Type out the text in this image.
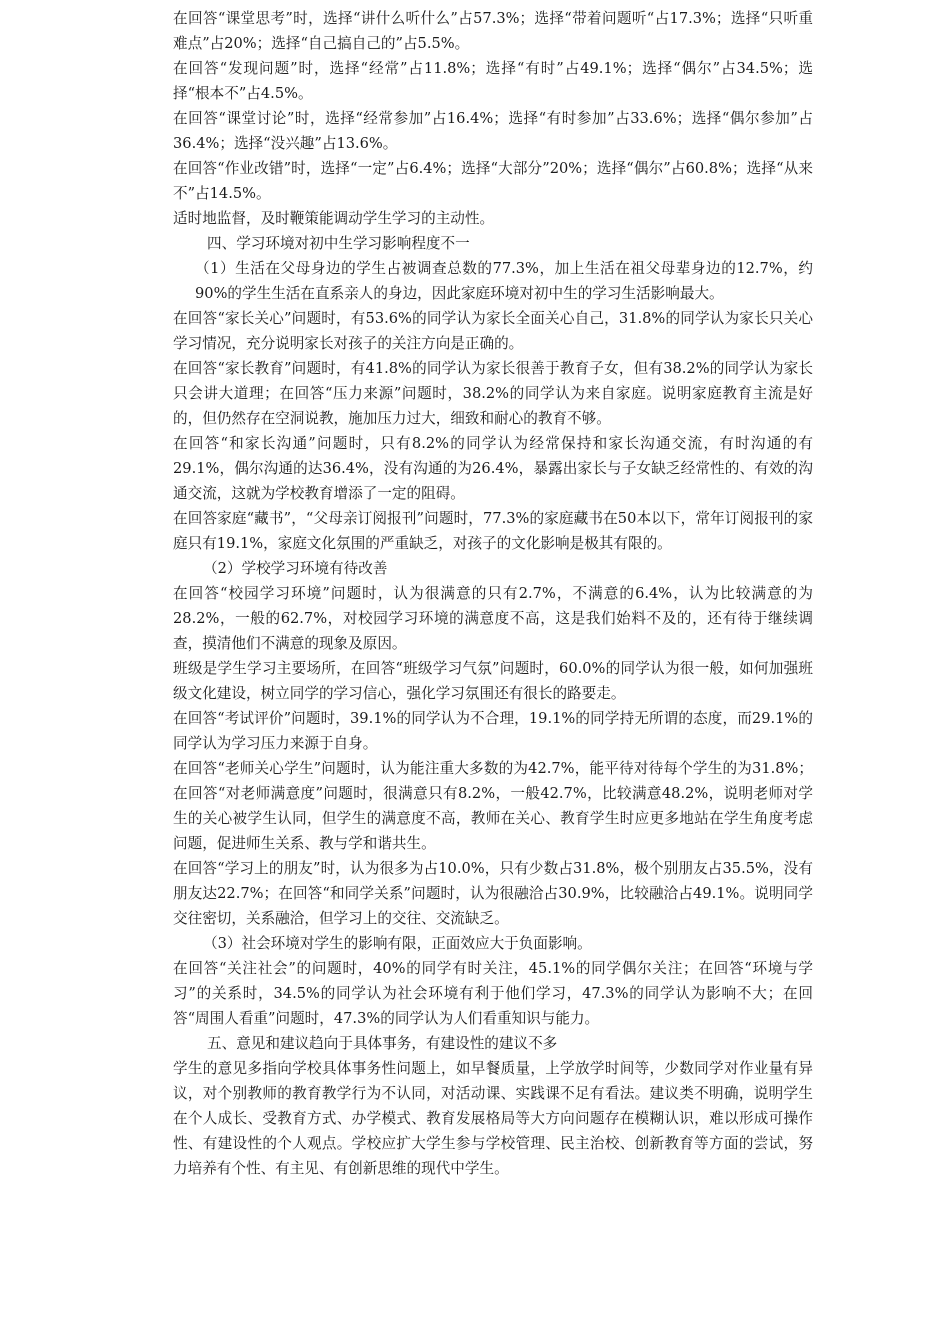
在回答“课堂思考”时，选择“讲什么听什么”占57.3%；选择“带着问题听“占17.3%；选择“只听重难点”占20%；选择“自己搞自己的”占5.5%。

在回答“发现问题”时，选择“经常”占11.8%；选择“有时”占49.1%；选择“偶尔”占34.5%；选择“根本不”占4.5%。

在回答“课堂讨论”时，选择“经常参加”占16.4%；选择“有时参加”占33.6%；选择“偶尔参加”占36.4%；选择“没兴趣”占13.6%。

在回答“作业改错”时，选择“一定”占6.4%；选择“大部分”20%；选择“偶尔”占60.8%；选择“从来不”占14.5%。

适时地监督，及时鞭策能调动学生学习的主动性。

四、学习环境对初中生学习影响程度不一

（1）生活在父母身边的学生占被调查总数的77.3%，加上生活在祖父母辈身边的12.7%，约90%的学生生活在直系亲人的身边，因此家庭环境对初中生的学习生活影响最大。

在回答“家长关心”问题时，有53.6%的同学认为家长全面关心自己，31.8%的同学认为家长只关心学习情况，充分说明家长对孩子的关注方向是正确的。

在回答“家长教育”问题时，有41.8%的同学认为家长很善于教育子女，但有38.2%的同学认为家长只会讲大道理；在回答“压力来源”问题时，38.2%的同学认为来自家庭。说明家庭教育主流是好的，但仍然存在空洞说教，施加压力过大，细致和耐心的教育不够。

在回答“和家长沟通”问题时，只有8.2%的同学认为经常保持和家长沟通交流，有时沟通的有29.1%，偶尔沟通的达36.4%，没有沟通的为26.4%，暴露出家长与子女缺乏经常性的、有效的沟通交流，这就为学校教育增添了一定的阻碍。

在回答家庭“藏书”，“父母亲订阅报刊”问题时，77.3%的家庭藏书在50本以下，常年订阅报刊的家庭只有19.1%，家庭文化氛围的严重缺乏，对孩子的文化影响是极其有限的。

（2）学校学习环境有待改善

在回答“校园学习环境”问题时，认为很满意的只有2.7%，不满意的6.4%，认为比较满意的为28.2%，一般的62.7%，对校园学习环境的满意度不高，这是我们始料不及的，还有待于继续调查，摸清他们不满意的现象及原因。

班级是学生学习主要场所，在回答“班级学习气氛”问题时，60.0%的同学认为很一般，如何加强班级文化建设，树立同学的学习信心，强化学习氛围还有很长的路要走。

在回答“考试评价”问题时，39.1%的同学认为不合理，19.1%的同学持无所谓的态度，而29.1%的同学认为学习压力来源于自身。

在回答“老师关心学生”问题时，认为能注重大多数的为42.7%，能平待对待每个学生的为31.8%；在回答“对老师满意度”问题时，很满意只有8.2%，一般42.7%，比较满意48.2%，说明老师对学生的关心被学生认同，但学生的满意度不高，教师在关心、教育学生时应更多地站在学生角度考虑问题，促进师生关系、教与学和谐共生。

在回答“学习上的朋友”时，认为很多为占10.0%，只有少数占31.8%，极个别朋友占35.5%，没有朋友达22.7%；在回答“和同学关系”问题时，认为很融洽占30.9%，比较融洽占49.1%。说明同学交往密切，关系融洽，但学习上的交往、交流缺乏。

（3）社会环境对学生的影响有限，正面效应大于负面影响。

在回答“关注社会”的问题时，40%的同学有时关注，45.1%的同学偶尔关注；在回答“环境与学习”的关系时，34.5%的同学认为社会环境有利于他们学习，47.3%的同学认为影响不大；在回答“周围人看重”问题时，47.3%的同学认为人们看重知识与能力。

五、意见和建议趋向于具体事务，有建设性的建议不多

学生的意见多指向学校具体事务性问题上，如早餐质量，上学放学时间等，少数同学对作业量有异议，对个别教师的教育教学行为不认同，对活动课、实践课不足有看法。建议类不明确，说明学生在个人成长、受教育方式、办学模式、教育发展格局等大方向问题存在模糊认识，难以形成可操作性、有建设性的个人观点。学校应扩大学生参与学校管理、民主治校、创新教育等方面的尝试，努力培养有个性、有主见、有创新思维的现代中学生。
